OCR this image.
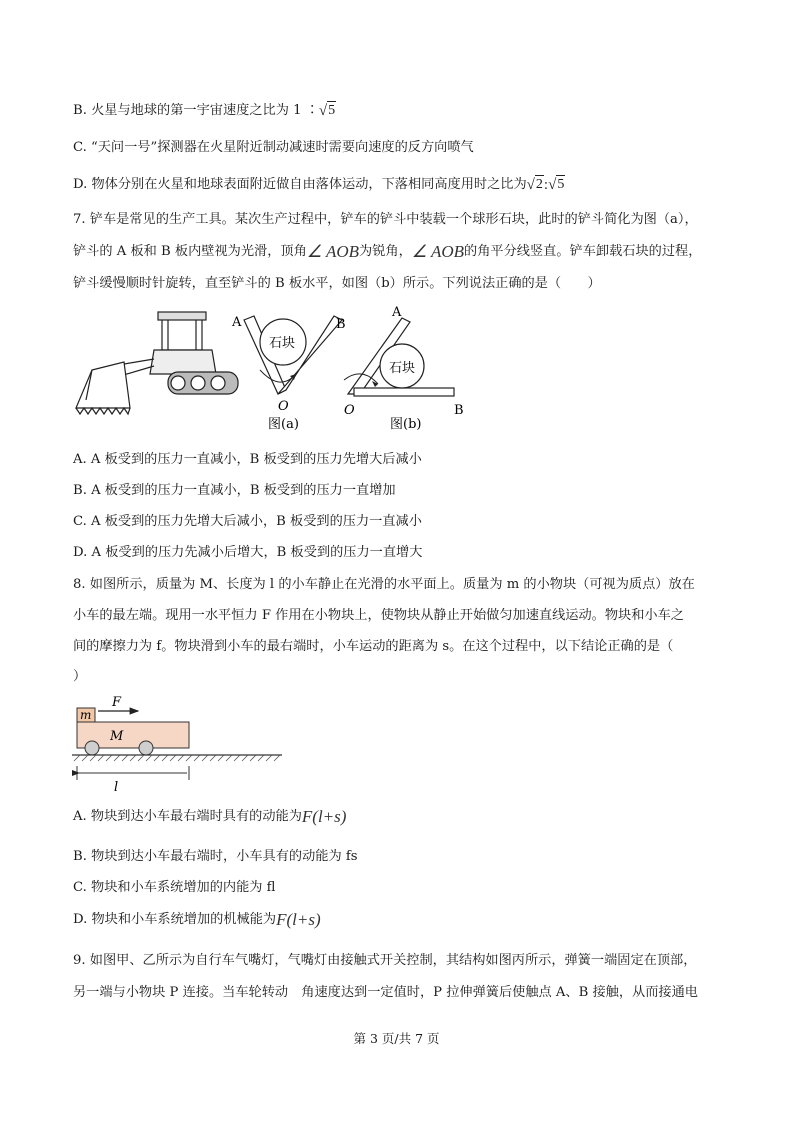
B. 火星与地球的第一宇宙速度之比为 1 ∶ √ 5
C. “天问一号”探测器在火星附近制动减速时需要向速度的反方向喷气
D. 物体分别在火星和地球表面附近做自由落体运动，下落相同高度用时之比为 √ 2 : √ 5
7. 铲车是常见的生产工具。某次生产过程中，铲车的铲斗中装载一个球形石块，此时的铲斗简化为图（a），
铲斗的 A 板和 B 板内壁视为光滑，顶角 ∠ AOB 为锐角， ∠ AOB 的角平分线竖直。铲车卸载石块的过程，
铲斗缓慢顺时针旋转，直至铲斗的 B 板水平，如图（b）所示。下列说法正确的是（　　）
A	B
O
石块
图(a)
A
B
O
石块
图(b)
A. A 板受到的压力一直减小，B 板受到的压力先增大后减小
B. A 板受到的压力一直减小，B 板受到的压力一直增加
C. A 板受到的压力先增大后减小，B 板受到的压力一直减小
D. A 板受到的压力先减小后增大，B 板受到的压力一直增大
8. 如图所示，质量为 M、长度为 l 的小车静止在光滑的水平面上。质量为 m 的小物块（可视为质点）放在
小车的最左端。现用一水平恒力 F 作用在小物块上，使物块从静止开始做匀加速直线运动。物块和小车之
间的摩擦力为 f。物块滑到小车的最右端时，小车运动的距离为 s。在这个过程中，以下结论正确的是（
）
m
M
F
l
A. 物块到达小车最右端时具有的动能为 F(l+s)
B. 物块到达小车最右端时，小车具有的动能为 fs
C. 物块和小车系统增加的内能为 fl
D. 物块和小车系统增加的机械能为 F(l+s)
9. 如图甲、乙所示为自行车气嘴灯，气嘴灯由接触式开关控制，其结构如图丙所示，弹簧一端固定在顶部，
另一端与小物块 P 连接。当车轮转动　角速度达到一定值时，P 拉伸弹簧后使触点 A、B 接触，从而接通电
第 3 页/共 7 页
